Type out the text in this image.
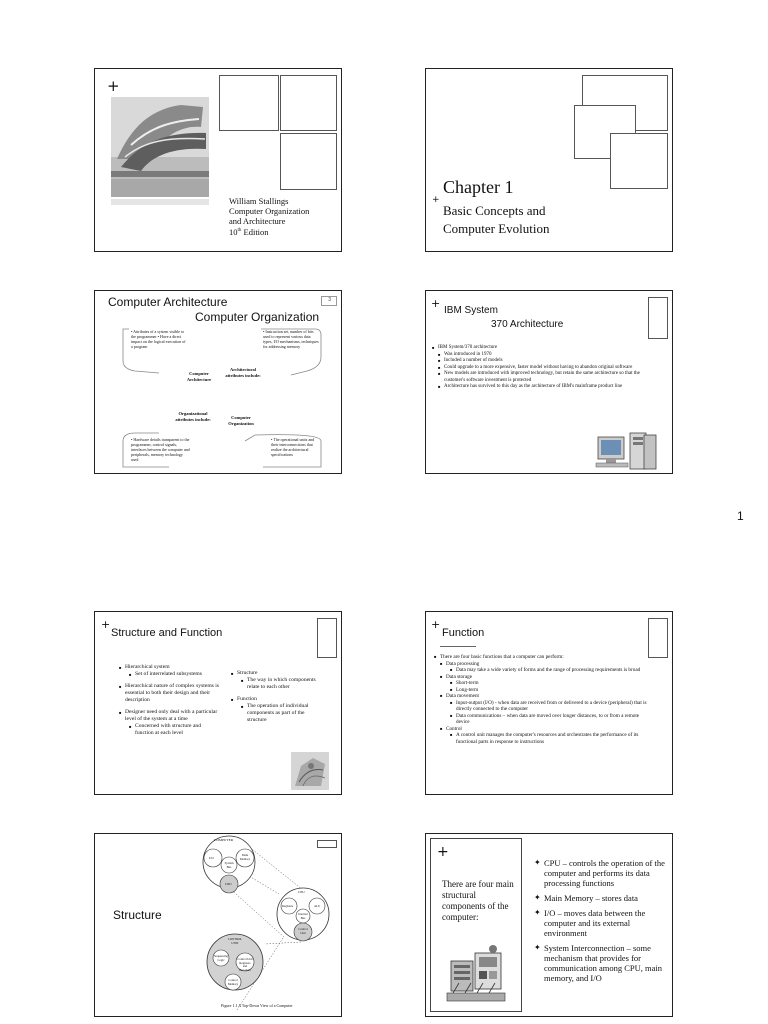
+
William Stallings
Computer Organization
and Architecture
10th Edition
+
Chapter 1
Basic Concepts and
Computer Evolution
3
Computer Architecture
Computer Organization
• Attributes of a system visible to the programmer • Have a direct impact on the logical execution of a program
• Instruction set, number of bits used to represent various data types, I/O mechanisms, techniques for addressing memory
• Hardware details transparent to the programmer, control signals, interfaces between the computer and peripherals, memory technology used
• The operational units and their interconnections that realize the architectural specifications
Computer Architecture
Architectural attributes include:
Organizational attributes include:	Computer Organization
+
IBM System
370 Architecture
■ IBM System/370 architecture
■ Was introduced in 1970
■ Included a number of models
■ Could upgrade to a more expensive, faster model without having to abandon original software
■ New models are introduced with improved technology, but retain the same architecture so that the customer's software investment is protected
■ Architecture has survived to this day as the architecture of IBM's mainframe product line
+
Structure and Function
■ Hierarchical system
■ Set of interrelated subsystems
■ Hierarchical nature of complex systems is essential to both their design and their description
■ Designer need only deal with a particular level of the system at a time
■ Concerned with structure and function at each level
■ Structure
■ The way in which components relate to each other
■ Function
■ The operation of individual components as part of the structure
+
Function
■ There are four basic functions that a computer can perform:
■ Data processing
■ Data may take a wide variety of forms and the range of processing requirements is broad
■ Data storage
■ Short-term
■ Long-term
■ Data movement
■ Input-output (I/O) - when data are received from or delivered to a device (peripheral) that is directly connected to the computer
■ Data communications – when data are moved over longer distances, to or from a remote device
■ Control
■ A control unit manages the computer's resources and orchestrates the performance of its functional parts in response to instructions
Structure
COMPUTER
I/O
Main Memory
System Bus
CPU
CPU
Registers	ALU
Internal Bus
Control Unit
CONTROL UNIT
Sequencing Logic	Control Unit Registers and Decoders
Control Memory
Figure 1.1 A Top-Down View of a Computer
+
There are four main structural components of the computer:
✦ CPU – controls the operation of the computer and performs its data processing functions
✦ Main Memory – stores data
✦ I/O – moves data between the computer and its external environment
✦ System Interconnection – some mechanism that provides for communication among CPU, main memory, and I/O
1
